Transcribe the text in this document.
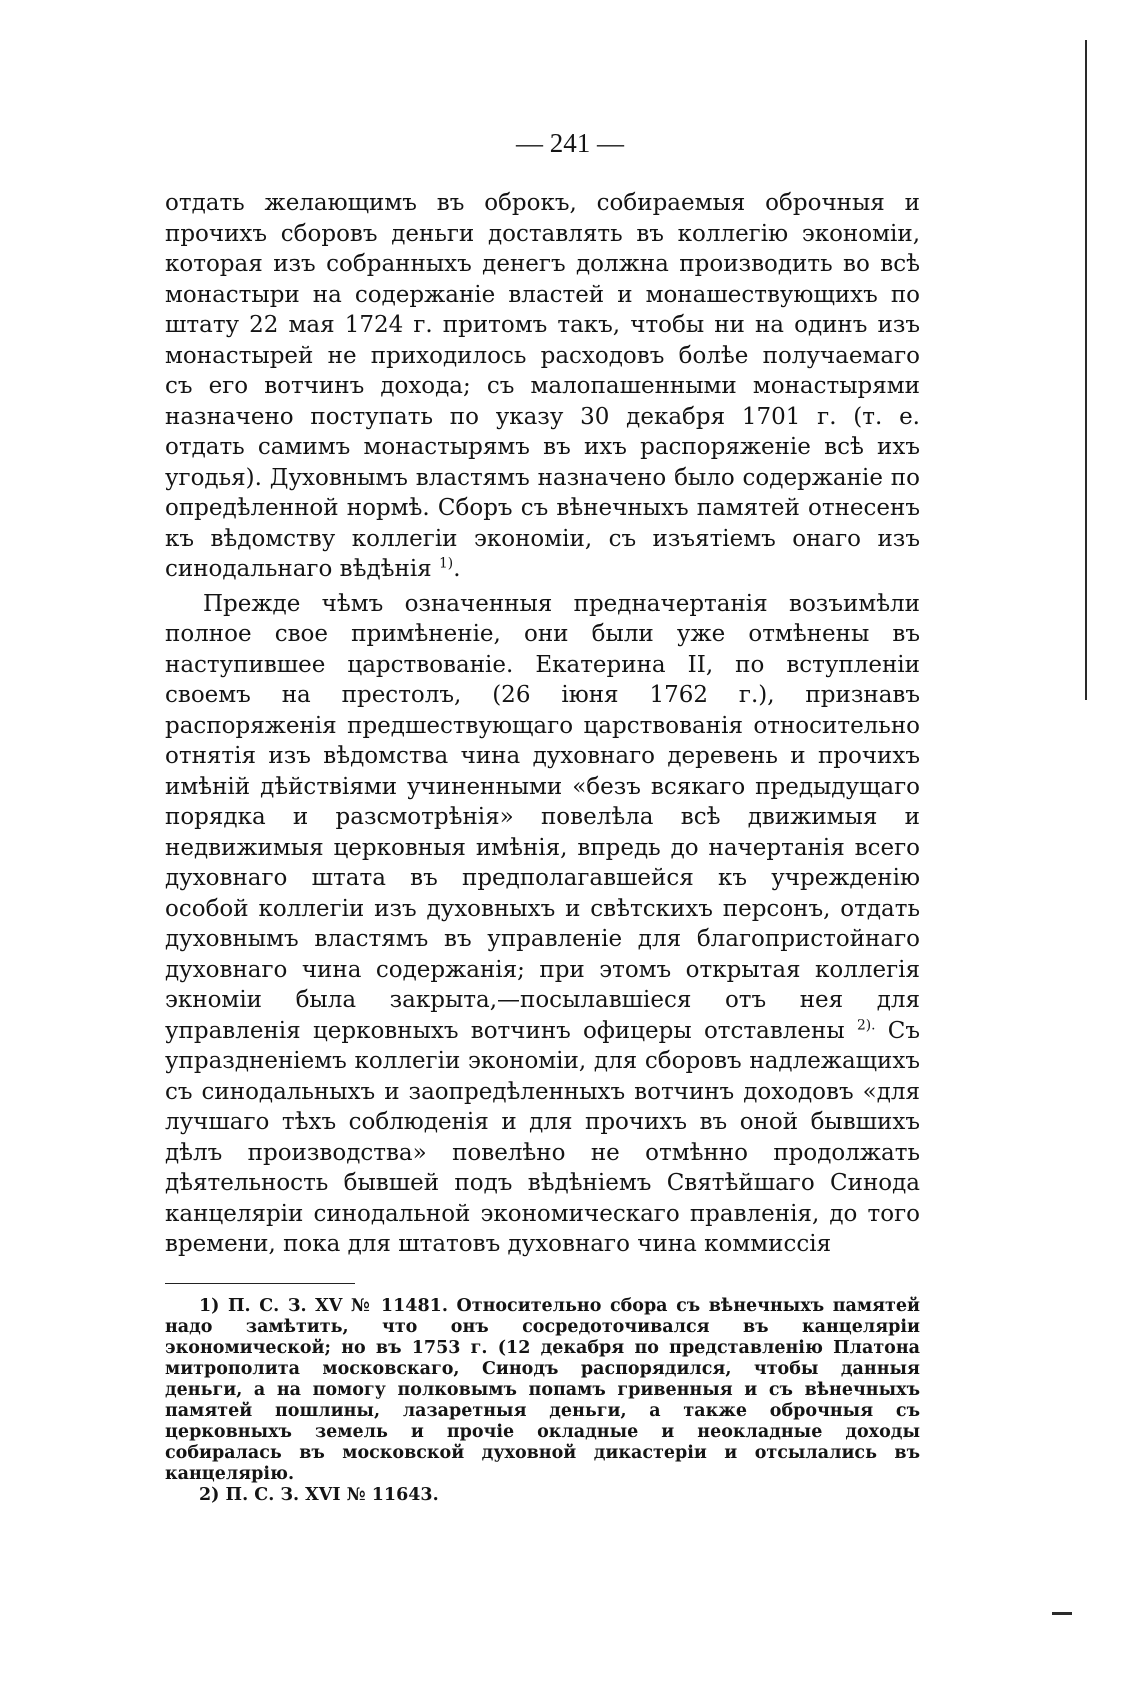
— 241 —

отдать желающимъ въ оброкъ, собираемыя оброчныя и прочихъ сборовъ деньги доставлять въ коллегію экономіи, которая изъ собранныхъ денегъ должна производить во всѣ монастыри на содержаніе властей и монашествующихъ по штату 22 мая 1724 г. притомъ такъ, чтобы ни на одинъ изъ монастырей не приходилось расходовъ болѣе получаемаго съ его вотчинъ дохода; съ малопашенными монастырями назначено поступать по указу 30 декабря 1701 г. (т. е. отдать самимъ монастырямъ въ ихъ распоряженіе всѣ ихъ угодья). Духовнымъ властямъ назначено было содержаніе по опредѣленной нормѣ. Сборъ съ вѣнечныхъ памятей отнесенъ къ вѣдомству коллегіи экономіи, съ изъятіемъ онаго изъ синодальнаго вѣдѣнія $^{1)}$.

Прежде чѣмъ означенныя предначертанія возъимѣли полное свое примѣненіе, они были уже отмѣнены въ наступившее царствованіе. Екатерина II, по вступленіи своемъ на престолъ, (26 іюня 1762 г.), признавъ распоряженія предшествующаго царствованія относительно отнятія изъ вѣдомства чина духовнаго деревень и прочихъ имѣній дѣйствіями учиненными «безъ всякаго предыдущаго порядка и разсмотрѣнія» повелѣла всѣ движимыя и недвижимыя церковныя имѣнія, впредь до начертанія всего духовнаго штата въ предполагавшейся къ учрежденію особой коллегіи изъ духовныхъ и свѣтскихъ персонъ, отдать духовнымъ властямъ въ управленіе для благопристойнаго духовнаго чина содержанія; при этомъ открытая коллегія экноміи была закрыта,—посылавшіеся отъ нея для управленія церковныхъ вотчинъ офицеры отставлены $^{2).}$ Съ упраздненіемъ коллегіи экономіи, для сборовъ надлежащихъ съ синодальныхъ и заопредѣленныхъ вотчинъ доходовъ «для лучшаго тѣхъ соблюденія и для прочихъ въ оной бывшихъ дѣлъ производства» повелѣно не отмѣнно продолжать дѣятельность бывшей подъ вѣдѣніемъ Святѣйшаго Синода канцеляріи синодальной экономическаго правленія, до того времени, пока для штатовъ духовнаго чина коммиссія

1) П. С. З. XV № 11481. Относительно сбора съ вѣнечныхъ памятей надо замѣтить, что онъ сосредоточивался въ канцеляріи экономической; но въ 1753 г. (12 декабря по представленію Платона митрополита московскаго, Синодъ распорядился, чтобы данныя деньги, а на помогу полковымъ попамъ гривенныя и съ вѣнечныхъ памятей пошлины, лазаретныя деньги, а также оброчныя съ церковныхъ земель и прочіе окладные и неокладные доходы собиралась въ московской духовной дикастеріи и отсылались въ канцелярію.

2) П. С. З. XVI № 11643.
